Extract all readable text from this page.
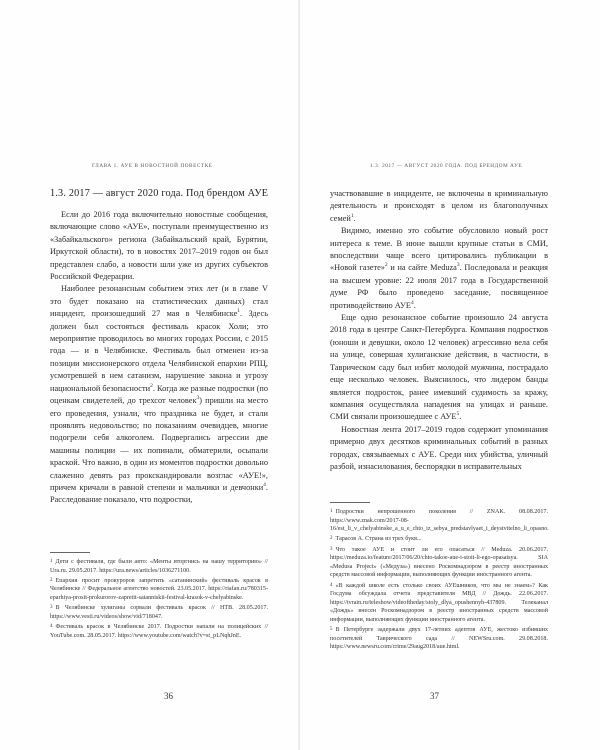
ГЛАВА 1. АУЕ В НОВОСТНОЙ ПОВЕСТКЕ
1.3. 2017 — август 2020 года. Под брендом АУЕ

Если до 2016 года включительно новостные сообщения, включающие слово «АУЕ», поступали преимущественно из «Забайкальского» региона (Забайкальский край, Бурятии, Иркутской области), то в новостях 2017–2019 годов он был представлен слабо, а новости шли уже из других субъектов Российской Федерации.

Наиболее резонансным событием этих лет (и в главе V это будет показано на статистических данных) стал инцидент, произошедший 27 мая в Челябинске$^1$. Здесь должен был состояться фестиваль красок Холи; это мероприятие проводилось во многих городах России, с 2015 года — и в Челябинске. Фестиваль был отменен из-за позиции миссионерского отдела Челябинской епархии РПЦ, усмотревшей в нем сатанизм, нарушение закона и угрозу национальной безопасности$^2$. Когда же разные подростки (по оценкам свидетелей, до трехсот человек$^3$) пришли на место его проведения, узнали, что праздника не будет, и стали проявлять недовольство; по показаниям очевидцев, многие подогрели себя алкоголем. Подвергались агрессии две машины полиции — их попинали, обматерили, осыпали краской. Что важно, в один из моментов подростки довольно слаженно девять раз прокскандировали возглас «АУЕ!», причем кричали в равной степени и мальчики и девчонки$^4$. Расследование показало, что подростки,

1 Дети с фестиваля, где были авто: «Менты вторгнись на нашу территорию» // Ura.ru. 29.05.2017. https://ura.news/articles/1036271100.

2 Епархия просит прокуроров запретить «сатанинский» фестиваль красок в Челябинске // Федеральное агентство новостей. 23.05.2017. https://riafan.ru/780315-eparhiya-prosit-prokurorov-zapretit-satanniskii-festival-krasok-v-chelyabinske.

3 В Челябинске хулиганы сорвали фестиваль красок // НТВ. 28.05.2017. https://www.vesti.ru/videos/show/vid/718047.

4 Фестиваль красок в Челябинске 2017. Подростки напали на полицейских // YouTube.com. 28.05.2017. https://www.youtube.com/watch?v=st_pLNqhJnE.

36
1.3. 2017 — АВГУСТ 2020 ГОДА. ПОД БРЕНДОМ АУЕ

участвовавшие в инциденте, не включены в криминальную деятельность и происходят в целом из благополучных семей$^1$.

Видимо, именно это событие обусловило новый рост интереса к теме. В июне вышли крупные статьи в СМИ, впоследствии чаще всего цитировались публикации в «Новой газете»$^2$ и на сайте Meduza$^3$. Последовала и реакция на высшем уровне: 22 июля 2017 года в Государственной думе РФ было проведено заседание, посвященное противодействию АУЕ$^4$.

Еще одно резонансное событие произошло 24 августа 2018 года в центре Санкт-Петербурга. Компания подростков (юноши и девушки, около 12 человек) агрессивно вела себя на улице, совершая хулиганские действия, в частности, в Таврическом саду был избит молодой мужчина, пострадало еще несколько человек. Выяснилось, что лидером банды является подросток, ранее имевший судимость за кражу, компания осуществляла нападения на улицах и раньше. СМИ связали произошедшее с АУЕ$^5$.

Новостная лента 2017–2019 годов содержит упоминания примерно двух десятков криминальных событий в разных городах, связываемых с АУЕ. Среди них убийства, уличный разбой, изнасилования, беспорядки в исправительных

1 Подростки непрошенного поколения // ZNAK. 08.08.2017. https://www.znak.com/2017-08-16/est_li_v_chelyabinske_a_u_e_chto_iz_sebya_predstavlyaet_i_deystvitelno_li_opasno.

2 Тарасов А. Страна из трех букв...

3 Что такое АУЕ и стоит ли его опасаться // Meduza. 20.06.2017. https://meduza.io/feature/2017/06/20/chto-takoe-aue-i-stoit-li-ego-opasatsya. SIA «Medusa Project» («Медуза») внесено Роскомнадзором в реестр иностранных средств массовой информации, выполняющих функции иностранного агента.

4 «В каждой школе есть столько своих АУЕшников, что мы не знаем»? Как Госдума обсуждала отчета представителя МВД // Дождь. 22.06.2017. https://tvrain.ru/teleshow/videoftheday/stoly_dlya_opushennyh-437809. Телеканал «Дождь» внесен Роскомнадзором в реестр иностранных средств массовой информации, выполняющих функции иностранного агента.

5 В Петербурге задержали двух 17-летних адептов АУЕ, жестоко избивших посетителей Таврического сада // NEWSru.com. 29.08.2018. https://www.newsru.com/crime/29aug2018/aue.html.

37
